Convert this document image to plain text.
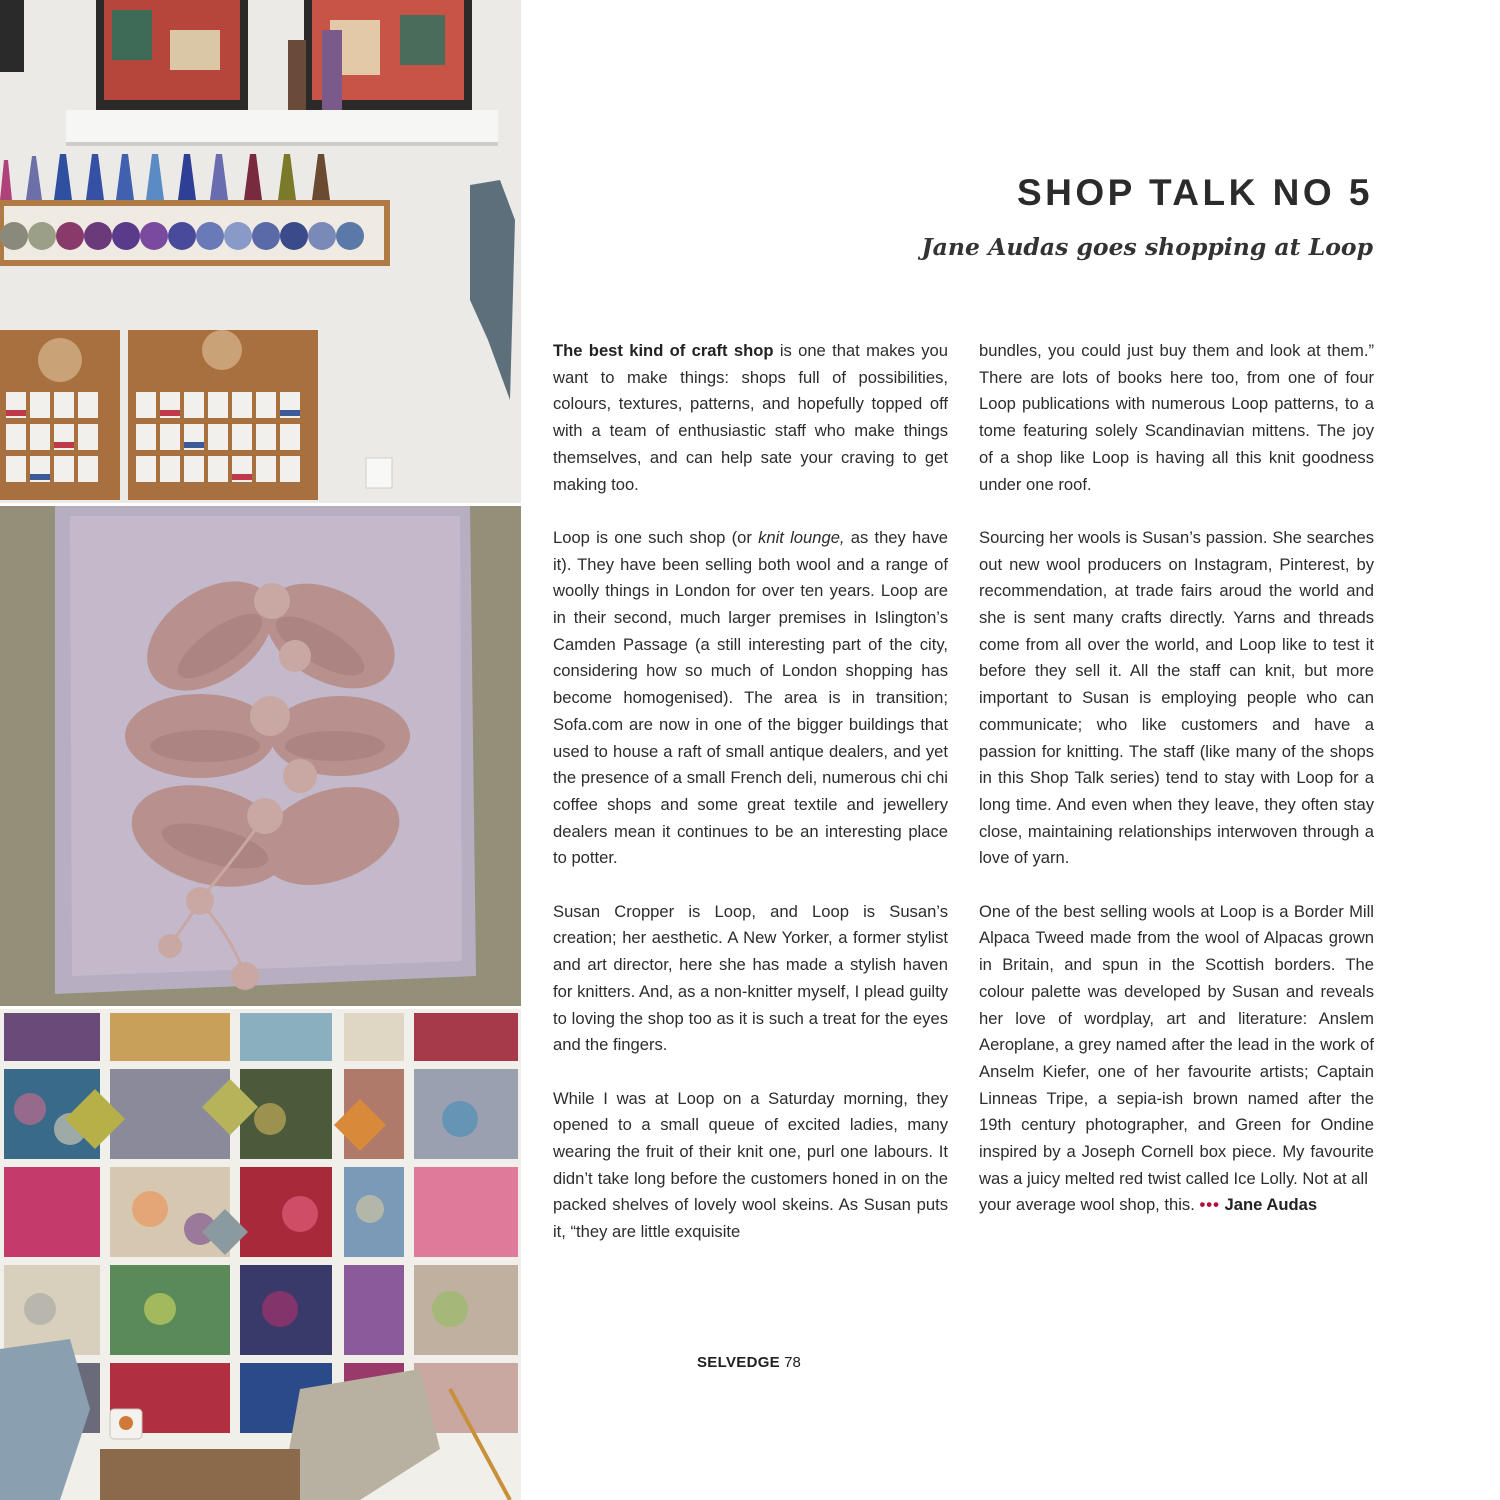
SHOP TALK NO 5
Jane Audas goes shopping at Loop

The best kind of craft shop is one that makes you want to make things: shops full of possibilities, colours, textures, patterns, and hopefully topped off with a team of enthusiastic staff who make things themselves, and can help sate your craving to get making too.

Loop is one such shop (or knit lounge, as they have it). They have been selling both wool and a range of woolly things in London for over ten years. Loop are in their second, much larger premises in Islington’s Camden Passage (a still interesting part of the city, considering how so much of London shopping has become homogenised). The area is in transition; Sofa.com are now in one of the bigger buildings that used to house a raft of small antique dealers, and yet the presence of a small French deli, numerous chi chi coffee shops and some great textile and jewellery dealers mean it continues to be an interesting place to potter.

Susan Cropper is Loop, and Loop is Susan’s creation; her aesthetic. A New Yorker, a former stylist and art director, here she has made a stylish haven for knitters. And, as a non-knitter myself, I plead guilty to loving the shop too as it is such a treat for the eyes and the fingers.

While I was at Loop on a Saturday morning, they opened to a small queue of excited ladies, many wearing the fruit of their knit one, purl one labours. It didn’t take long before the customers honed in on the packed shelves of lovely wool skeins. As Susan puts it, “they are little exquisite

bundles, you could just buy them and look at them.” There are lots of books here too, from one of four Loop publications with numerous Loop patterns, to a tome featuring solely Scandinavian mittens. The joy of a shop like Loop is having all this knit goodness under one roof.

Sourcing her wools is Susan’s passion. She searches out new wool producers on Instagram, Pinterest, by recommendation, at trade fairs aroud the world and she is sent many crafts directly. Yarns and threads come from all over the world, and Loop like to test it before they sell it. All the staff can knit, but more important to Susan is employing people who can communicate; who like customers and have a passion for knitting. The staff (like many of the shops in this Shop Talk series) tend to stay with Loop for a long time. And even when they leave, they often stay close, maintaining relationships interwoven through a love of yarn.

One of the best selling wools at Loop is a Border Mill Alpaca Tweed made from the wool of Alpacas grown in Britain, and spun in the Scottish borders. The colour palette was developed by Susan and reveals her love of wordplay, art and literature: Anslem Aeroplane, a grey named after the lead in the work of Anselm Kiefer, one of her favourite artists; Captain Linneas Tripe, a sepia-ish brown named after the 19th century photographer, and Green for Ondine inspired by a Joseph Cornell box piece. My favourite was a juicy melted red twist called Ice Lolly. Not at all
your average wool shop, this. ••• Jane Audas

SELVEDGE 78
